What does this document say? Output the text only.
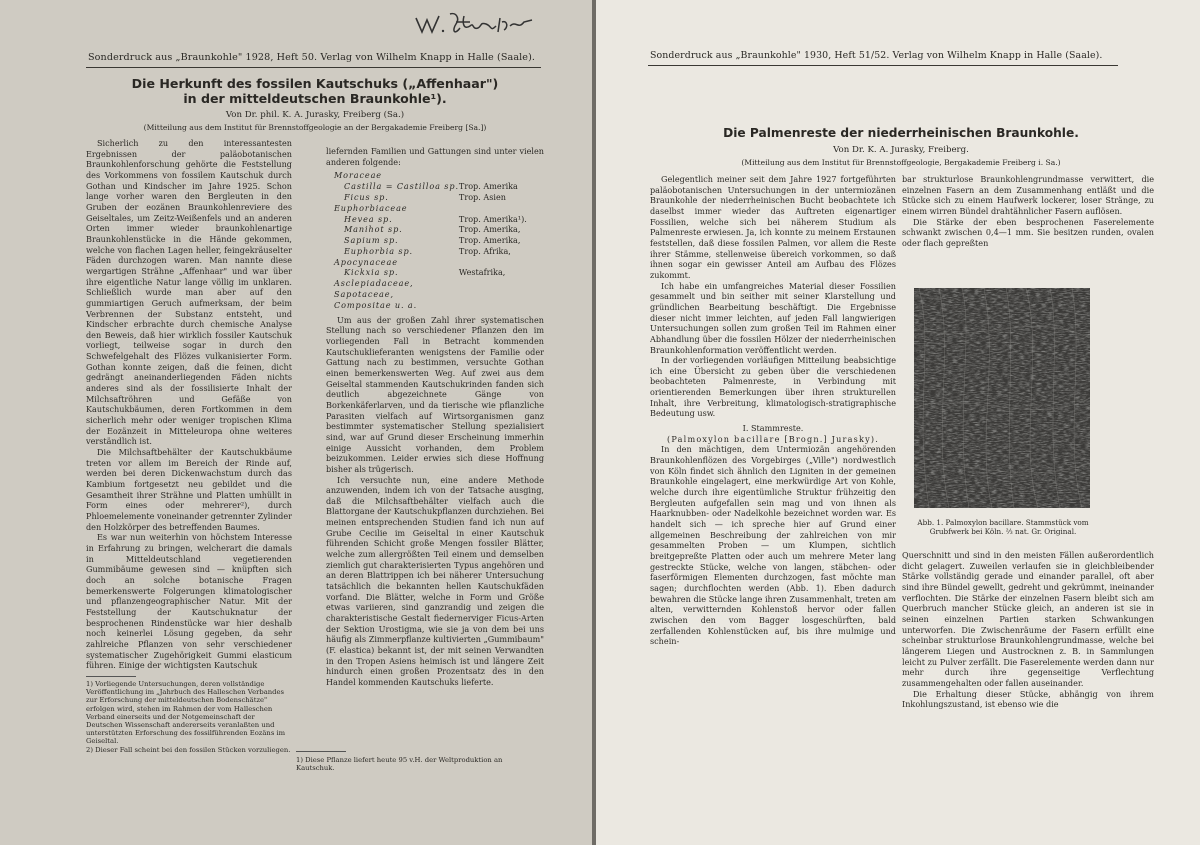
Sonderdruck aus „Braunkohle" 1928, Heft 50. Verlag von Wilhelm Knapp in Halle (Saale).
Die Herkunft des fossilen Kautschuks („Affenhaar")
in der mitteldeutschen Braunkohle¹).
Von Dr. phil. K. A. Jurasky, Freiberg (Sa.)
(Mitteilung aus dem Institut für Brennstoffgeologie an der Bergakademie Freiberg [Sa.])

Sicherlich zu den interessantesten Ergebnissen der paläobotanischen Braunkohlenforschung gehörte die Feststellung des Vorkommens von fossilem Kautschuk durch Gothan und Kindscher im Jahre 1925. Schon lange vorher waren den Bergleuten in den Gruben der eozänen Braunkohlenreviere des Geiseltales, um Zeitz-Weißenfels und an anderen Orten immer wieder braunkohlenartige Braunkohlenstücke in die Hände gekommen, welche von flachen Lagen heller, feingekräuselter Fäden durchzogen waren. Man nannte diese wergartigen Strähne „Affenhaar" und war über ihre eigentliche Natur lange völlig im unklaren. Schließlich wurde man aber auf den gummiartigen Geruch aufmerksam, der beim Verbrennen der Substanz entsteht, und Kindscher erbrachte durch chemische Analyse den Beweis, daß hier wirklich fossiler Kautschuk vorliegt, teilweise sogar in durch den Schwefelgehalt des Flözes vulkanisierter Form. Gothan konnte zeigen, daß die feinen, dicht gedrängt aneinanderliegenden Fäden nichts anderes sind als der fossilisierte Inhalt der Milchsaftröhren und Gefäße von Kautschukbäumen, deren Fortkommen in dem sicherlich mehr oder weniger tropischen Klima der Eozänzeit in Mitteleuropa ohne weiteres verständlich ist.

Die Milchsaftbehälter der Kautschukbäume treten vor allem im Bereich der Rinde auf, werden bei deren Dickenwachstum durch das Kambium fortgesetzt neu gebildet und die Gesamtheit ihrer Strähne und Platten umhüllt in Form eines oder mehrerer²), durch Phloemelemente voneinander getrennter Zylinder den Holzkörper des betreffenden Baumes.

Es war nun weiterhin von höchstem Interesse in Erfahrung zu bringen, welcherart die damals in Mitteldeutschland vegetierenden Gummibäume gewesen sind — knüpften sich doch an solche botanische Fragen bemerkenswerte Folgerungen klimatologischer und pflanzengeographischer Natur. Mit der Feststellung der Kautschuknatur der besprochenen Rindenstücke war hier deshalb noch keinerlei Lösung gegeben, da sehr zahlreiche Pflanzen von sehr verschiedener systematischer Zugehörigkeit Gummi elasticum führen. Einige der wichtigsten Kautschuk

1) Vorliegende Untersuchungen, deren vollständige Veröffentlichung im „Jahrbuch des Halleschen Verbandes zur Erforschung der mitteldeutschen Bodenschätze" erfolgen wird, stehen im Rahmen der vom Halleschen Verband einerseits und der Notgemeinschaft der Deutschen Wissenschaft andererseits veranlaßten und unterstützten Erforschung des fossilführenden Eozäns im Geiseltal.

2) Dieser Fall scheint bei den fossilen Stücken vorzuliegen.

liefernden Familien und Gattungen sind unter vielen anderen folgende:

Moraceae	
Castilla = Castilloa sp.	Trop. Amerika
Ficus sp.	Trop. Asien
Euphorbiaceae	
Hevea sp.	Trop. Amerika¹).
Manihot sp.	Trop. Amerika,
Sapium sp.	Trop. Amerika,
Euphorbia sp.	Trop. Afrika,
Apocynaceae	
Kickxia sp.	Westafrika,
Asclepiadaceae,	
Sapotaceae,	
Compositae u. a.	

Um aus der großen Zahl ihrer systematischen Stellung nach so verschiedener Pflanzen den im vorliegenden Fall in Betracht kommenden Kautschuklieferanten wenigstens der Familie oder Gattung nach zu bestimmen, versuchte Gothan einen bemerkenswerten Weg. Auf zwei aus dem Geiseltal stammenden Kautschukrinden fanden sich deutlich abgezeichnete Gänge von Borkenkäferlarven, und da tierische wie pflanzliche Parasiten vielfach auf Wirtsorganismen ganz bestimmter systematischer Stellung spezialisiert sind, war auf Grund dieser Erscheinung immerhin einige Aussicht vorhanden, dem Problem beizukommen. Leider erwies sich diese Hoffnung bisher als trügerisch.

Ich versuchte nun, eine andere Methode anzuwenden, indem ich von der Tatsache ausging, daß die Milchsaftbehälter vielfach auch die Blattorgane der Kautschukpflanzen durchziehen. Bei meinen entsprechenden Studien fand ich nun auf Grube Cecilie im Geiseltal in einer Kautschuk führenden Schicht große Mengen fossiler Blätter, welche zum allergrößten Teil einem und demselben ziemlich gut charakterisierten Typus angehören und an deren Blattrippen ich bei näherer Untersuchung tatsächlich die bekannten hellen Kautschukfäden vorfand. Die Blätter, welche in Form und Größe etwas variieren, sind ganzrandig und zeigen die charakteristische Gestalt fiedernerviger Ficus-Arten der Sektion Urostigma, wie sie ja von dem bei uns häufig als Zimmerpflanze kultivierten „Gummibaum" (F. elastica) bekannt ist, der mit seinen Verwandten in den Tropen Asiens heimisch ist und längere Zeit hindurch einen großen Prozentsatz des in den Handel kommenden Kautschuks lieferte.

1) Diese Pflanze liefert heute 95 v.H. der Weltproduktion an Kautschuk.
Sonderdruck aus „Braunkohle" 1930, Heft 51/52. Verlag von Wilhelm Knapp in Halle (Saale).
Die Palmenreste der niederrheinischen Braunkohle.
Von Dr. K. A. Jurasky, Freiberg.
(Mitteilung aus dem Institut für Brennstoffgeologie, Bergakademie Freiberg i. Sa.)

Gelegentlich meiner seit dem Jahre 1927 fortgeführten paläobotanischen Untersuchungen in der untermiozänen Braunkohle der niederrheinischen Bucht beobachtete ich daselbst immer wieder das Auftreten eigenartiger Fossilien, welche sich bei näherem Studium als Palmenreste erwiesen. Ja, ich konnte zu meinem Erstaunen feststellen, daß diese fossilen Palmen, vor allem die Reste ihrer Stämme, stellenweise übereich vorkommen, so daß ihnen sogar ein gewisser Anteil am Aufbau des Flözes zukommt.

Ich habe ein umfangreiches Material dieser Fossilien gesammelt und bin seither mit seiner Klarstellung und gründlichen Bearbeitung beschäftigt. Die Ergebnisse dieser nicht immer leichten, auf jeden Fall langwierigen Untersuchungen sollen zum großen Teil im Rahmen einer Abhandlung über die fossilen Hölzer der niederrheinischen Braunkohlenformation veröffentlicht werden.

In der vorliegenden vorläufigen Mitteilung beabsichtige ich eine Übersicht zu geben über die verschiedenen beobachteten Palmenreste, in Verbindung mit orientierenden Bemerkungen über ihren strukturellen Inhalt, ihre Verbreitung, klimatologisch-stratigraphische Bedeutung usw.

I. Stammreste.
(Palmoxylon bacillare [Brogn.] Jurasky).

In den mächtigen, dem Untermiozän angehörenden Braunkohlenflözen des Vorgebirges („Ville") nordwestlich von Köln findet sich ähnlich den Ligniten in der gemeinen Braunkohle eingelagert, eine merkwürdige Art von Kohle, welche durch ihre eigentümliche Struktur frühzeitig den Bergleuten aufgefallen sein mag und von ihnen als Haarknubben- oder Nadelkohle bezeichnet worden war. Es handelt sich — ich spreche hier auf Grund einer allgemeinen Beschreibung der zahlreichen von mir gesammelten Proben — um Klumpen, sichtlich breitgepreßte Platten oder auch um mehrere Meter lang gestreckte Stücke, welche von langen, stäbchen- oder faserförmigen Elementen durchzogen, fast möchte man sagen; durchflochten werden (Abb. 1). Eben dadurch bewahren die Stücke lange ihren Zusammenhalt, treten am alten, verwitternden Kohlenstoß hervor oder fallen zwischen den vom Bagger losgeschürften, bald zerfallenden Kohlenstücken auf, bis ihre mulmige und schein-

bar strukturlose Braunkohlengrundmasse verwittert, die einzelnen Fasern an dem Zusammenhang entläßt und die Stücke sich zu einem Haufwerk lockerer, loser Stränge, zu einem wirren Bündel drahtähnlicher Fasern auflösen.

Die Stärke der eben besprochenen Faserelemente schwankt zwischen 0,4—1 mm. Sie besitzen runden, ovalen oder flach gepreßten

Querschnitt und sind in den meisten Fällen außerordentlich dicht gelagert. Zuweilen verlaufen sie in gleichbleibender Stärke vollständig gerade und einander parallel, oft aber sind ihre Bündel gewellt, gedreht und gekrümmt, ineinander verflochten. Die Stärke der einzelnen Fasern bleibt sich am Querbruch mancher Stücke gleich, an anderen ist sie in seinen einzelnen Partien starken Schwankungen unterworfen. Die Zwischenräume der Fasern erfüllt eine scheinbar strukturlose Braunkohlengrundmasse, welche bei längerem Liegen und Austrocknen z. B. in Sammlungen leicht zu Pulver zerfällt. Die Faserelemente werden dann nur mehr durch ihre gegenseitige Verflechtung zusammengehalten oder fallen auseinander.

Die Erhaltung dieser Stücke, abhängig von ihrem Inkohlungszustand, ist ebenso wie die

Abb. 1. Palmoxylon bacillare. Stammstück vom Grubfwerk bei Köln. ⅔ nat. Gr. Original.
